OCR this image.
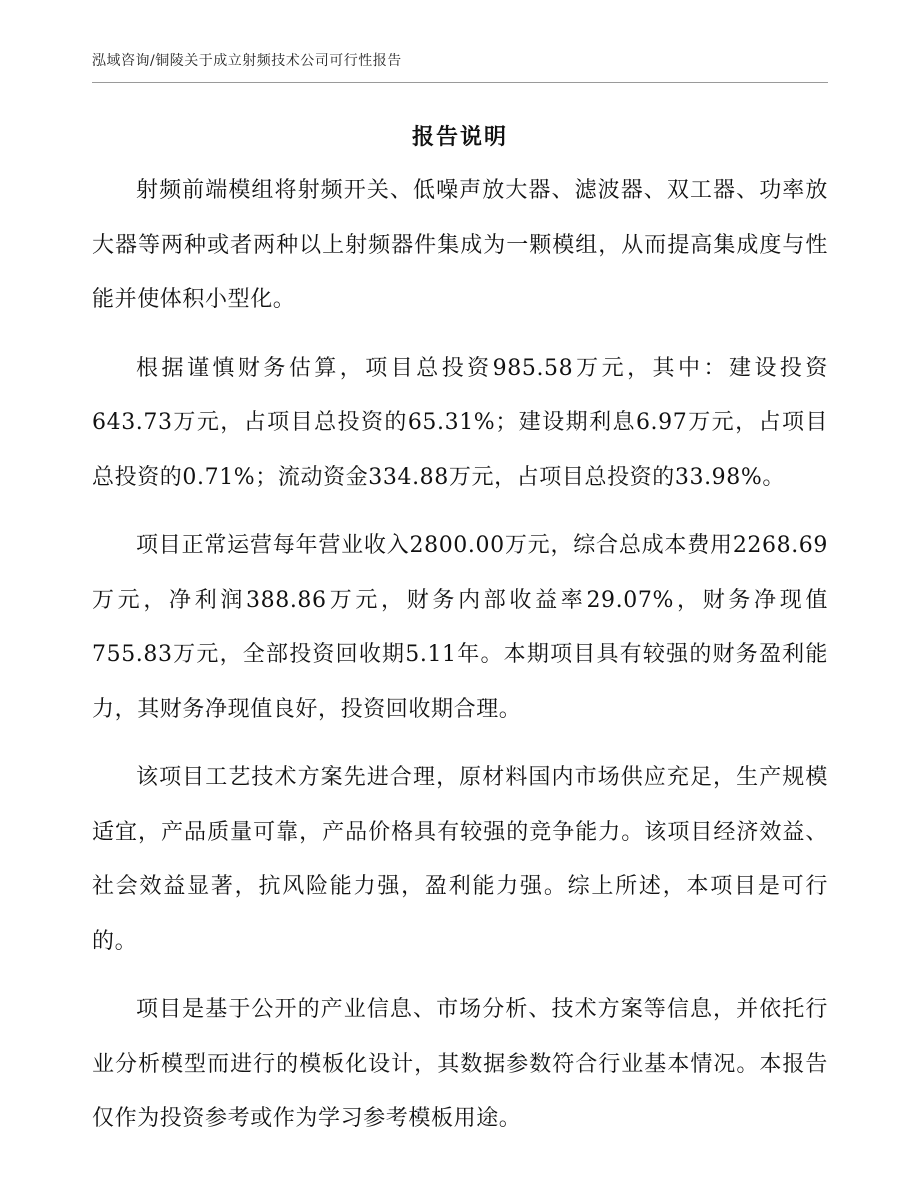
泓域咨询/铜陵关于成立射频技术公司可行性报告
报告说明

射频前端模组将射频开关、低噪声放大器、滤波器、双工器、功率放大器等两种或者两种以上射频器件集成为一颗模组，从而提高集成度与性能并使体积小型化。

根据谨慎财务估算，项目总投资985.58万元，其中：建设投资643.73万元，占项目总投资的65.31%；建设期利息6.97万元，占项目总投资的0.71%；流动资金334.88万元，占项目总投资的33.98%。

项目正常运营每年营业收入2800.00万元，综合总成本费用2268.69万元，净利润388.86万元，财务内部收益率29.07%，财务净现值755.83万元，全部投资回收期5.11年。本期项目具有较强的财务盈利能力，其财务净现值良好，投资回收期合理。

该项目工艺技术方案先进合理，原材料国内市场供应充足，生产规模适宜，产品质量可靠，产品价格具有较强的竞争能力。该项目经济效益、社会效益显著，抗风险能力强，盈利能力强。综上所述，本项目是可行的。

项目是基于公开的产业信息、市场分析、技术方案等信息，并依托行业分析模型而进行的模板化设计，其数据参数符合行业基本情况。本报告仅作为投资参考或作为学习参考模板用途。
